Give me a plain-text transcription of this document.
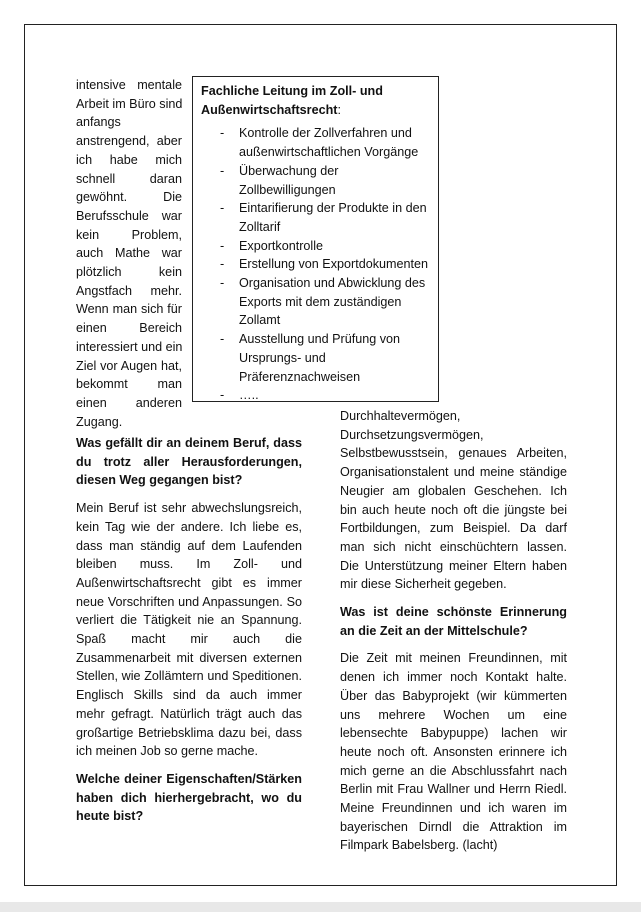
intensive mentale
Arbeit im Büro sind
anfangs
anstrengend, aber
ich habe mich
schnell daran
gewöhnt. Die
Berufsschule war
kein Problem,
auch Mathe war
plötzlich kein
Angstfach mehr.
Wenn man sich für
einen Bereich
interessiert und ein
Ziel vor Augen hat,
bekommt man
einen anderen
Zugang.

Fachliche Leitung im Zoll- und Außenwirtschaftsrecht:

- Kontrolle der Zollverfahren und außenwirtschaftlichen Vorgänge
- Überwachung der Zollbewilligungen
- Eintarifierung der Produkte in den Zolltarif
- Exportkontrolle
- Erstellung von Exportdokumenten
- Organisation und Abwicklung des Exports mit dem zuständigen Zollamt
- Ausstellung und Prüfung von Ursprungs- und Präferenznachweisen
- …..

Was gefällt dir an deinem Beruf, dass du trotz aller Herausforderungen, diesen Weg gegangen bist?

Mein Beruf ist sehr abwechslungsreich, kein Tag wie der andere. Ich liebe es, dass man ständig auf dem Laufenden bleiben muss. Im Zoll- und Außenwirtschaftsrecht gibt es immer neue Vorschriften und Anpassungen. So verliert die Tätigkeit nie an Spannung. Spaß macht mir auch die Zusammenarbeit mit diversen externen Stellen, wie Zollämtern und Speditionen. Englisch Skills sind da auch immer mehr gefragt. Natürlich trägt auch das großartige Betriebsklima dazu bei, dass ich meinen Job so gerne mache.

Welche deiner Eigenschaften/Stärken haben dich hierhergebracht, wo du heute bist?

Durchhaltevermögen, Durchsetzungsvermögen, Selbstbewusstsein, genaues Arbeiten, Organisationstalent und meine ständige Neugier am globalen Geschehen. Ich bin auch heute noch oft die jüngste bei Fortbildungen, zum Beispiel. Da darf man sich nicht einschüchtern lassen. Die Unterstützung meiner Eltern haben mir diese Sicherheit gegeben.

Was ist deine schönste Erinnerung an die Zeit an der Mittelschule?

Die Zeit mit meinen Freundinnen, mit denen ich immer noch Kontakt halte. Über das Babyprojekt (wir kümmerten uns mehrere Wochen um eine lebensechte Babypuppe) lachen wir heute noch oft. Ansonsten erinnere ich mich gerne an die Abschlussfahrt nach Berlin mit Frau Wallner und Herrn Riedl. Meine Freundinnen und ich waren im bayerischen Dirndl die Attraktion im Filmpark Babelsberg. (lacht)
